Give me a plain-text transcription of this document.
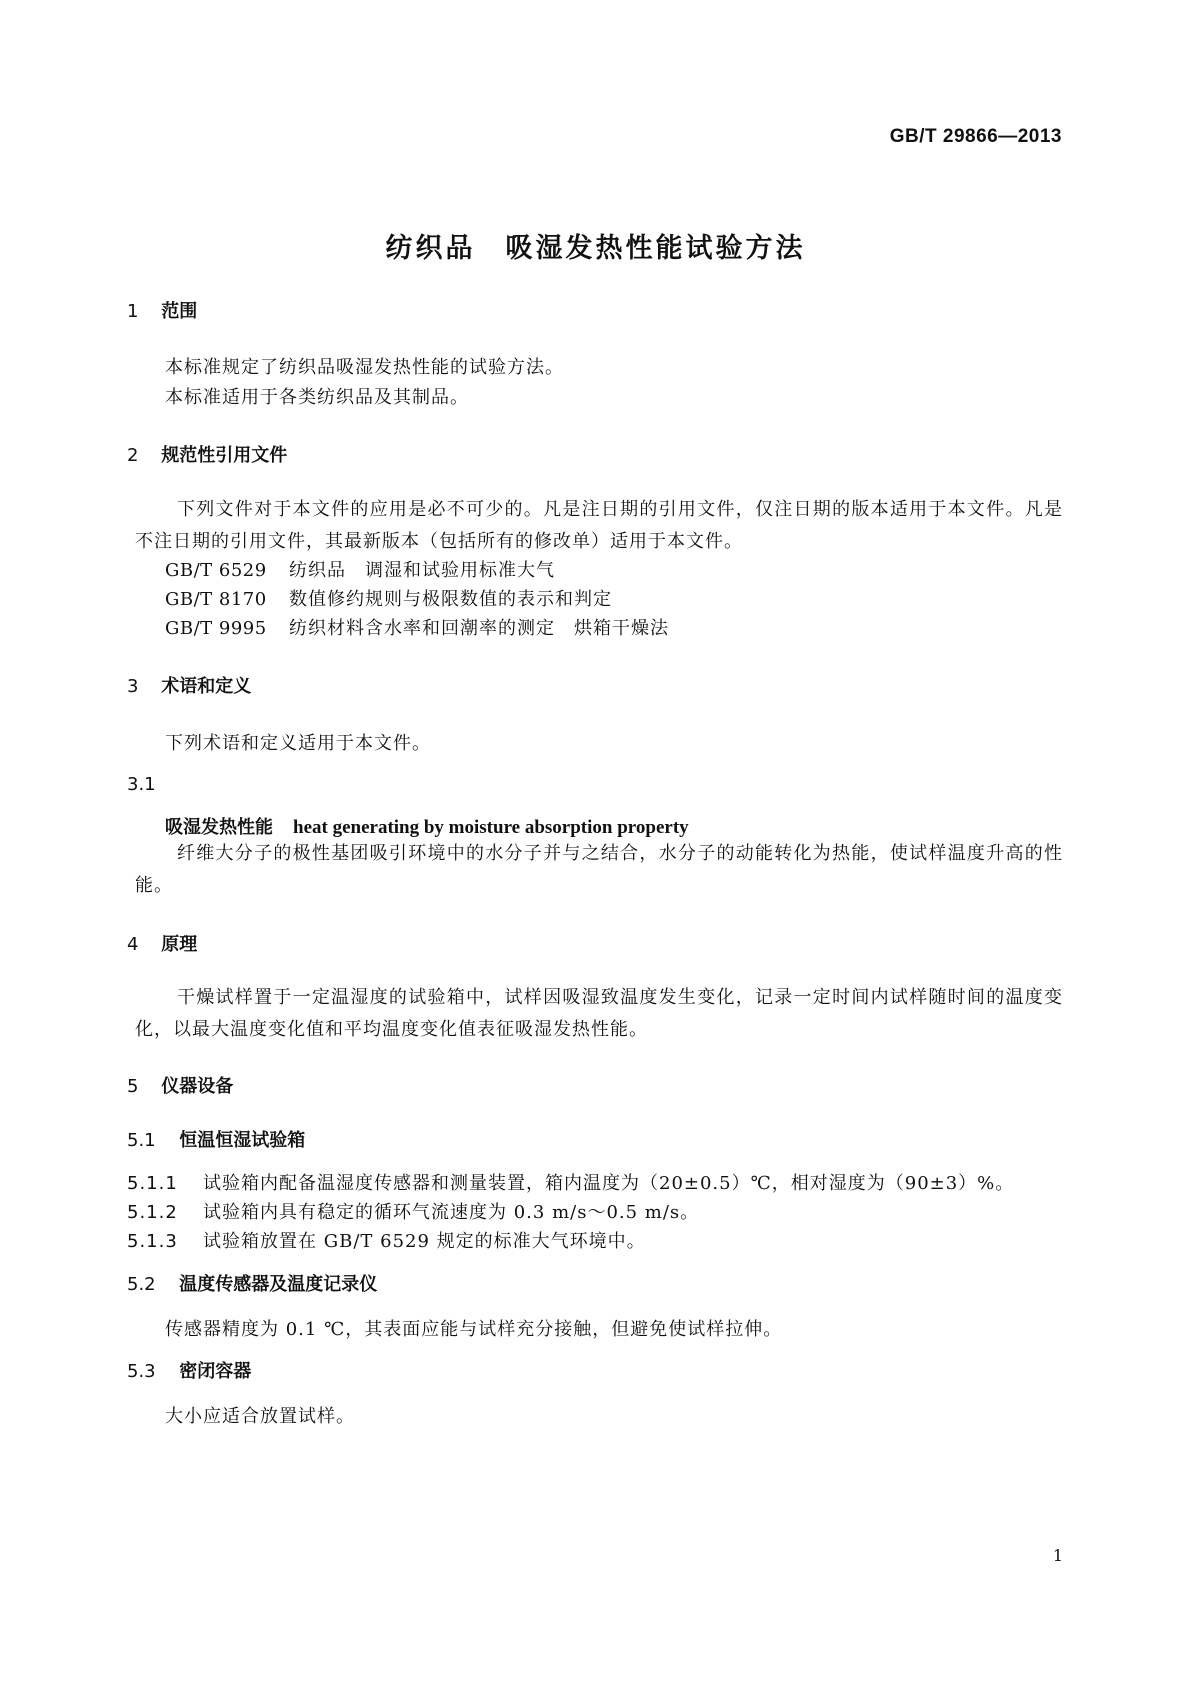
GB/T 29866—2013
纺织品　吸湿发热性能试验方法
1 范围
本标准规定了纺织品吸湿发热性能的试验方法。
本标准适用于各类纺织品及其制品。
2 规范性引用文件
下列文件对于本文件的应用是必不可少的。凡是注日期的引用文件，仅注日期的版本适用于本文件。凡是不注日期的引用文件，其最新版本（包括所有的修改单）适用于本文件。
GB/T 6529 纺织品　调湿和试验用标准大气
GB/T 8170 数值修约规则与极限数值的表示和判定
GB/T 9995 纺织材料含水率和回潮率的测定　烘箱干燥法
3 术语和定义
下列术语和定义适用于本文件。
3.1
吸湿发热性能 heat generating by moisture absorption property
纤维大分子的极性基团吸引环境中的水分子并与之结合，水分子的动能转化为热能，使试样温度升高的性能。
4 原理
干燥试样置于一定温湿度的试验箱中，试样因吸湿致温度发生变化，记录一定时间内试样随时间的温度变化，以最大温度变化值和平均温度变化值表征吸湿发热性能。
5 仪器设备
5.1 恒温恒湿试验箱
5.1.1 试验箱内配备温湿度传感器和测量装置，箱内温度为（20±0.5）℃，相对湿度为（90±3）%。
5.1.2 试验箱内具有稳定的循环气流速度为 0.3 m/s～0.5 m/s。
5.1.3 试验箱放置在 GB/T 6529 规定的标准大气环境中。
5.2 温度传感器及温度记录仪
传感器精度为 0.1 ℃，其表面应能与试样充分接触，但避免使试样拉伸。
5.3 密闭容器
大小应适合放置试样。
1
